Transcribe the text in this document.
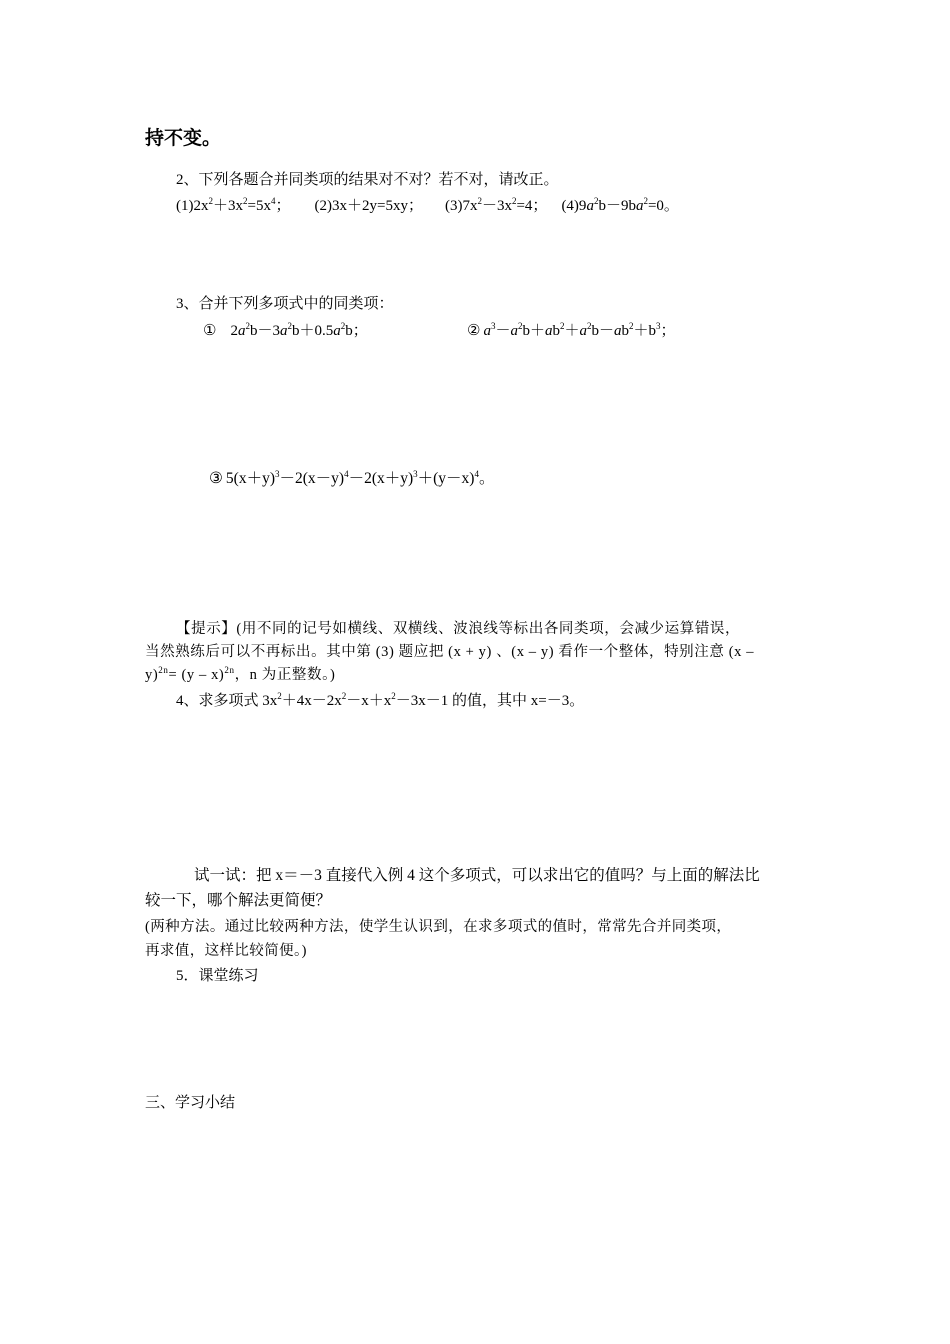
持不变。
2、下列各题合并同类项的结果对不对？若不对，请改正。
$(1)2x^2+3x^2=5x^4$； (2)3x＋2y=5xy； $(3)7x^2-3x^2=4$； $(4)9a^2b-9ba^2=0$。
3、合并下列多项式中的同类项：
① $2a^2b-3a^2b+0.5a^2b$；	② $a^3-a^2b+ab^2+a^2b-ab^2+b^3$；
③ $5(x+y)^3-2(x-y)^4-2(x+y)^3+(y-x)^4$。
【提示】(用不同的记号如横线、双横线、波浪线等标出各同类项，会减少运算错误，
当然熟练后可以不再标出。其中第 (3) 题应把 (x + y) 、(x – y) 看作一个整体，特别注意 (x –
y)$^{2n}$= (y – x)$^{2n}$，n 为正整数。)
4、求多项式 $3x^2+4x-2x^2-x+x^2-3x-1$ 的值，其中 x=－3。
试一试：把 x＝－3 直接代入例 4 这个多项式，可以求出它的值吗？与上面的解法比
较一下，哪个解法更简便？
(两种方法。通过比较两种方法，使学生认识到，在求多项式的值时，常常先合并同类项，
再求值，这样比较简便。)
5．课堂练习
三、学习小结
